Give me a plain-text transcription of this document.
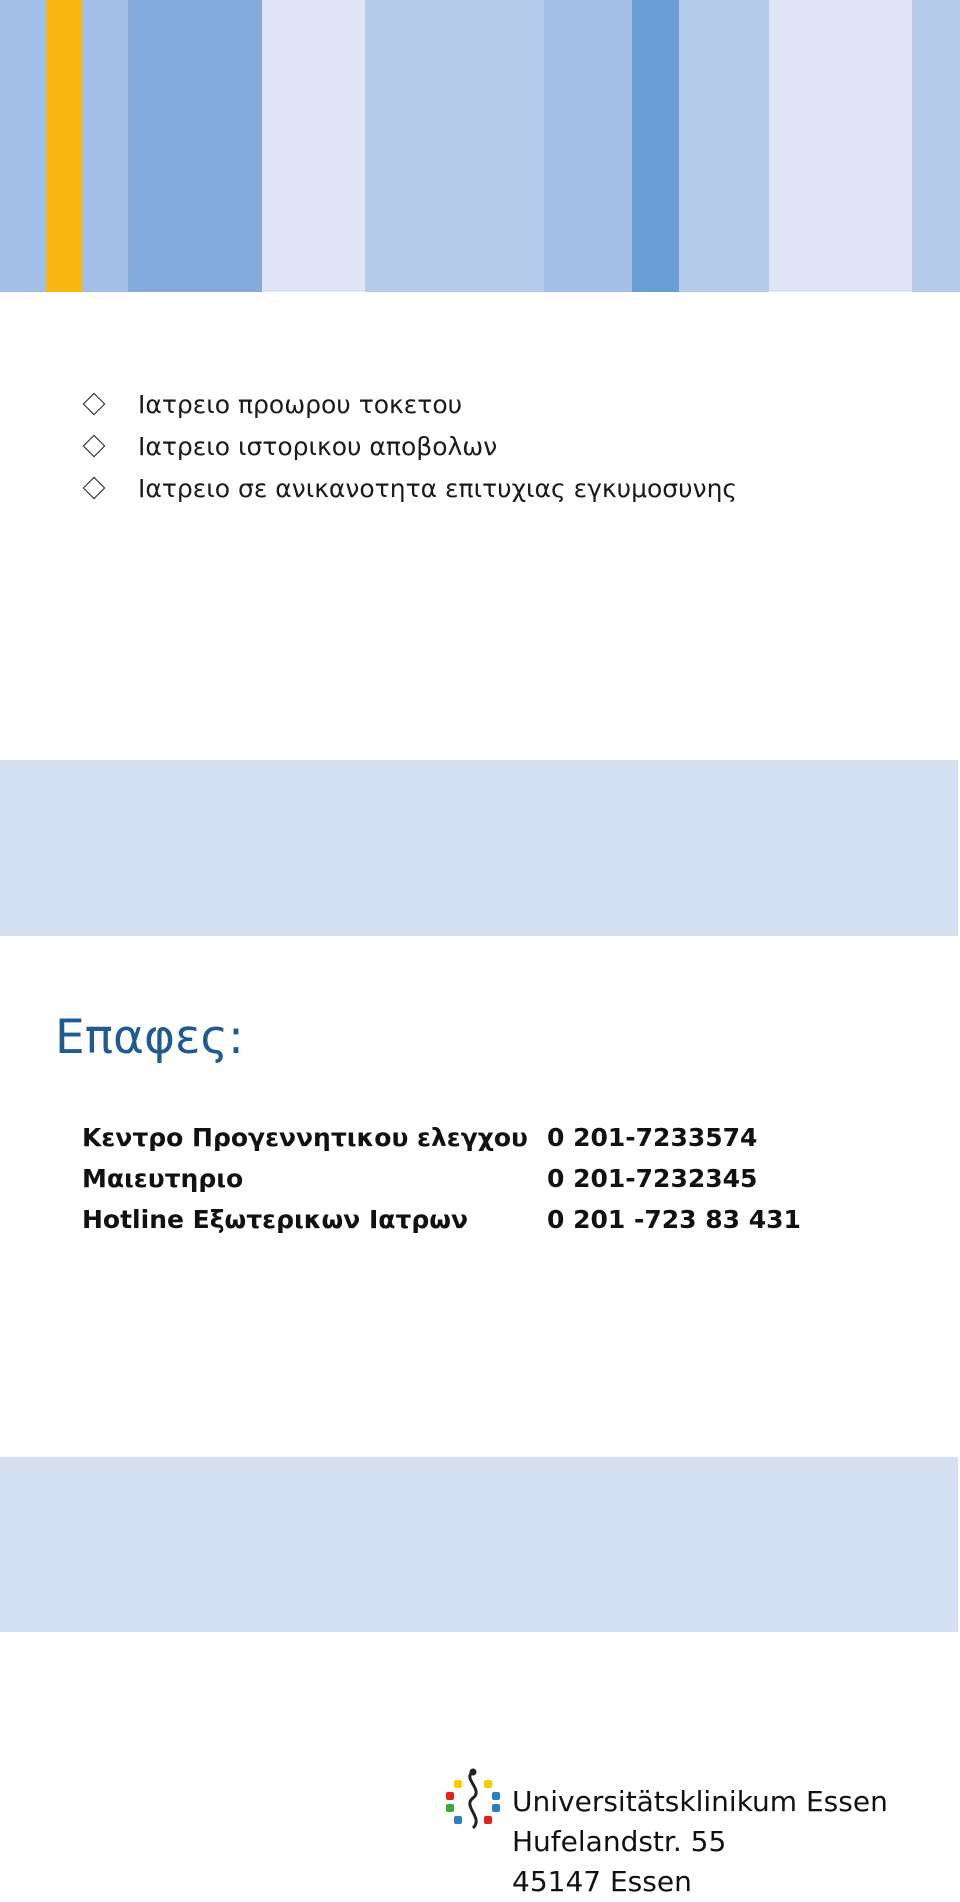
Ιατρειο προωρου τοκετου
Ιατρειο ιστορικου αποβολων
Ιατρειο σε ανικανοτητα επιτυχιας εγκυμοσυνης
Επαφες:
Κεντρο Προγεννητικου ελεγχου 0 201-7233574
Μαιευτηριο	0 201-7232345
Hotline Εξωτερικων Ιατρων	0 201 -723 83 431
Universitätsklinikum Essen
Hufelandstr. 55
45147 Essen
